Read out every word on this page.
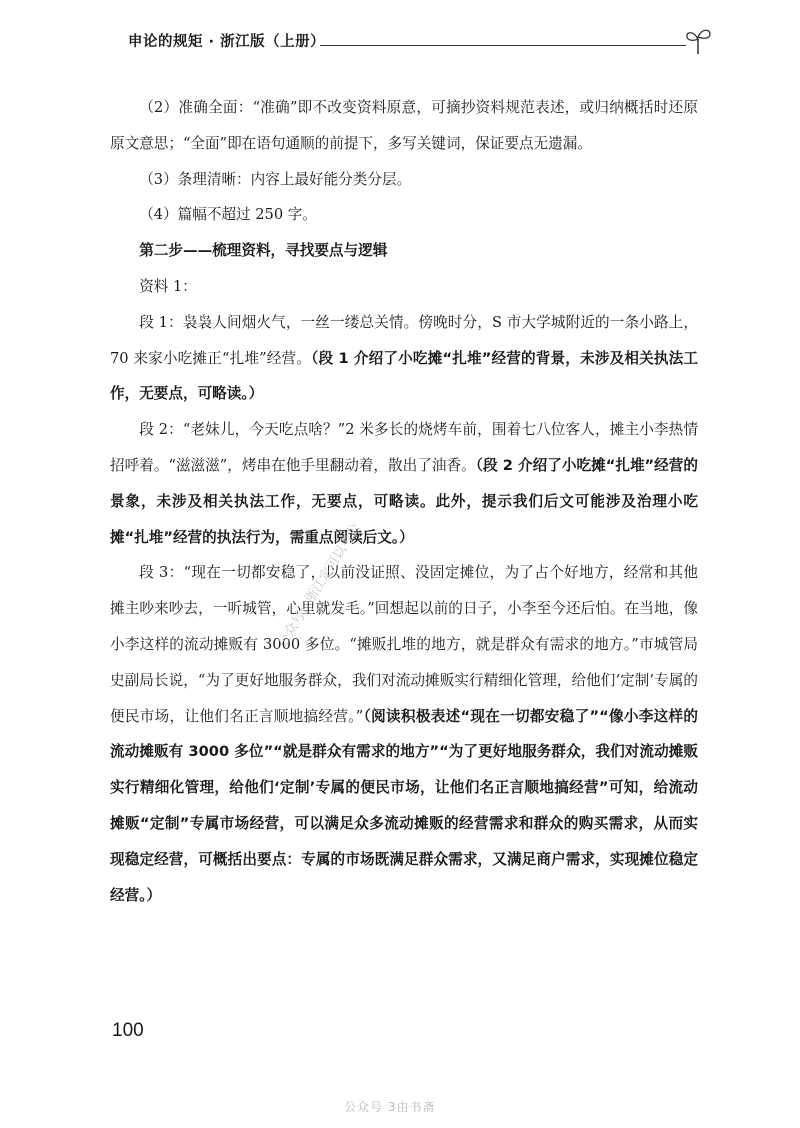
申论的规矩 · 浙江版（上册）

（2）准确全面：“准确”即不改变资料原意，可摘抄资料规范表述，或归纳概括时还原原文意思；“全面”即在语句通顺的前提下，多写关键词，保证要点无遗漏。

（3）条理清晰：内容上最好能分类分层。

（4）篇幅不超过 250 字。

第二步——梳理资料，寻找要点与逻辑

资料 1：

段 1：袅袅人间烟火气，一丝一缕总关情。傍晚时分，S 市大学城附近的一条小路上，70 来家小吃摊正“扎堆”经营。（段 1 介绍了小吃摊“扎堆”经营的背景，未涉及相关执法工作，无要点，可略读。）

段 2：“老妹儿，今天吃点啥？”2 米多长的烧烤车前，围着七八位客人，摊主小李热情招呼着。“滋滋滋”，烤串在他手里翻动着，散出了油香。（段 2 介绍了小吃摊“扎堆”经营的景象，未涉及相关执法工作，无要点，可略读。此外，提示我们后文可能涉及治理小吃摊“扎堆”经营的执法行为，需重点阅读后文。）

段 3：“现在一切都安稳了，以前没证照、没固定摊位，为了占个好地方，经常和其他摊主吵来吵去，一听城管，心里就发毛。”回想起以前的日子，小李至今还后怕。在当地，像小李这样的流动摊贩有 3000 多位。“摊贩扎堆的地方，就是群众有需求的地方。”市城管局史副局长说，“为了更好地服务群众，我们对流动摊贩实行精细化管理，给他们‘定制’专属的便民市场，让他们名正言顺地搞经营。”（阅读积极表述“现在一切都安稳了”“像小李这样的流动摊贩有 3000 多位”“就是群众有需求的地方”“为了更好地服务群众，我们对流动摊贩实行精细化管理，给他们‘定制’专属的便民市场，让他们名正言顺地搞经营”可知，给流动摊贩“定制”专属市场经营，可以满足众多流动摊贩的经营需求和群众的购买需求，从而实现稳定经营，可概括出要点：专属的市场既满足群众需求，又满足商户需求，实现摊位稳定经营。）

公众号：浙江定可以考公
100
公众号 3由书斋
